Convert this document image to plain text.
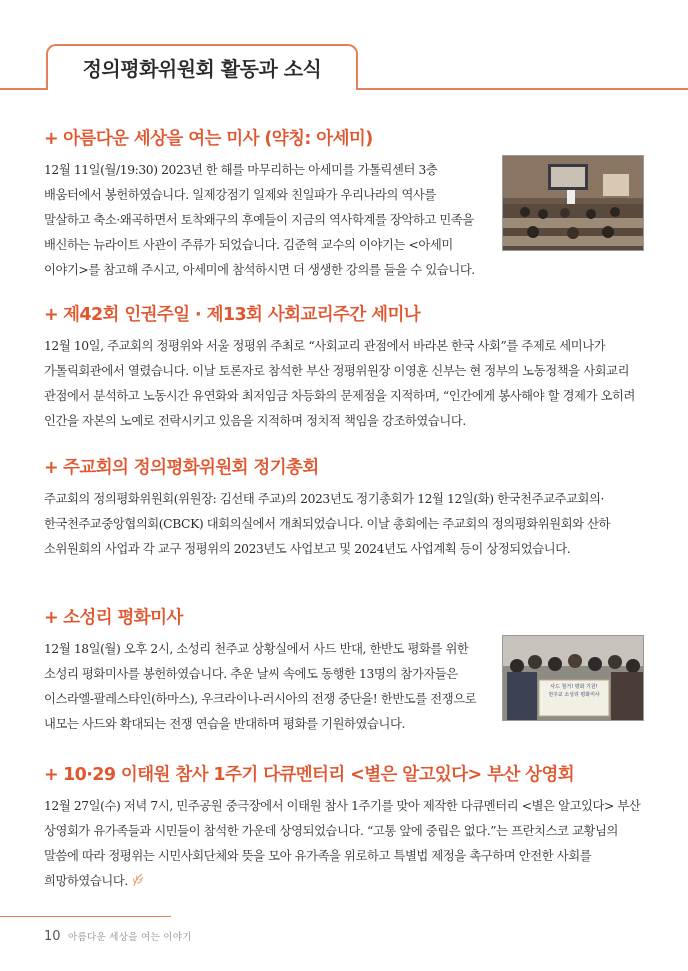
정의평화위원회 활동과 소식
+ 아름다운 세상을 여는 미사 (약칭: 아세미)
12월 11일(월/19:30) 2023년 한 해를 마무리하는 아세미를 가톨릭센터 3층 배움터에서 봉헌하였습니다. 일제강점기 일제와 친일파가 우리나라의 역사를 말살하고 축소·왜곡하면서 토착왜구의 후예들이 지금의 역사학계를 장악하고 민족을 배신하는 뉴라이트 사관이 주류가 되었습니다. 김준혁 교수의 이야기는 <아세미 이야기>를 참고해 주시고, 아세미에 참석하시면 더 생생한 강의를 들을 수 있습니다.
+ 제42회 인권주일 · 제13회 사회교리주간 세미나
12월 10일, 주교회의 정평위와 서울 정평위 주최로 “사회교리 관점에서 바라본 한국 사회”를 주제로 세미나가 가톨릭회관에서 열렸습니다. 이날 토론자로 참석한 부산 정평위원장 이영훈 신부는 현 정부의 노동정책을 사회교리 관점에서 분석하고 노동시간 유연화와 최저임금 차등화의 문제점을 지적하며, “인간에게 봉사해야 할 경제가 오히려 인간을 자본의 노예로 전락시키고 있음을 지적하며 정치적 책임을 강조하였습니다.
+ 주교회의 정의평화위원회 정기총회
주교회의 정의평화위원회(위원장: 김선태 주교)의 2023년도 정기총회가 12월 12일(화) 한국천주교주교회의·한국천주교중앙협의회(CBCK) 대회의실에서 개최되었습니다. 이날 총회에는 주교회의 정의평화위원회와 산하 소위원회의 사업과 각 교구 정평위의 2023년도 사업보고 및 2024년도 사업계획 등이 상정되었습니다.
+ 소성리 평화미사
12월 18일(월) 오후 2시, 소성리 천주교 상황실에서 사드 반대, 한반도 평화를 위한 소성리 평화미사를 봉헌하였습니다. 추운 날씨 속에도 동행한 13명의 참가자들은 이스라엘-팔레스타인(하마스), 우크라이나-러시아의 전쟁 중단을! 한반도를 전쟁으로 내모는 사드와 확대되는 전쟁 연습을 반대하며 평화를 기원하였습니다.
사드 철거! 평화 기원!
천주교 소성리 평화미사
+ 10·29 이태원 참사 1주기 다큐멘터리 <별은 알고있다> 부산 상영회
12월 27일(수) 저녁 7시, 민주공원 중극장에서 이태원 참사 1주기를 맞아 제작한 다큐멘터리 <별은 알고있다> 부산 상영회가 유가족들과 시민들이 참석한 가운데 상영되었습니다. “고통 앞에 중립은 없다.”는 프란치스코 교황님의 말씀에 따라 정평위는 시민사회단체와 뜻을 모아 유가족을 위로하고 특별법 제정을 촉구하며 안전한 사회를 희망하였습니다.
10 아름다운 세상을 여는 이야기
